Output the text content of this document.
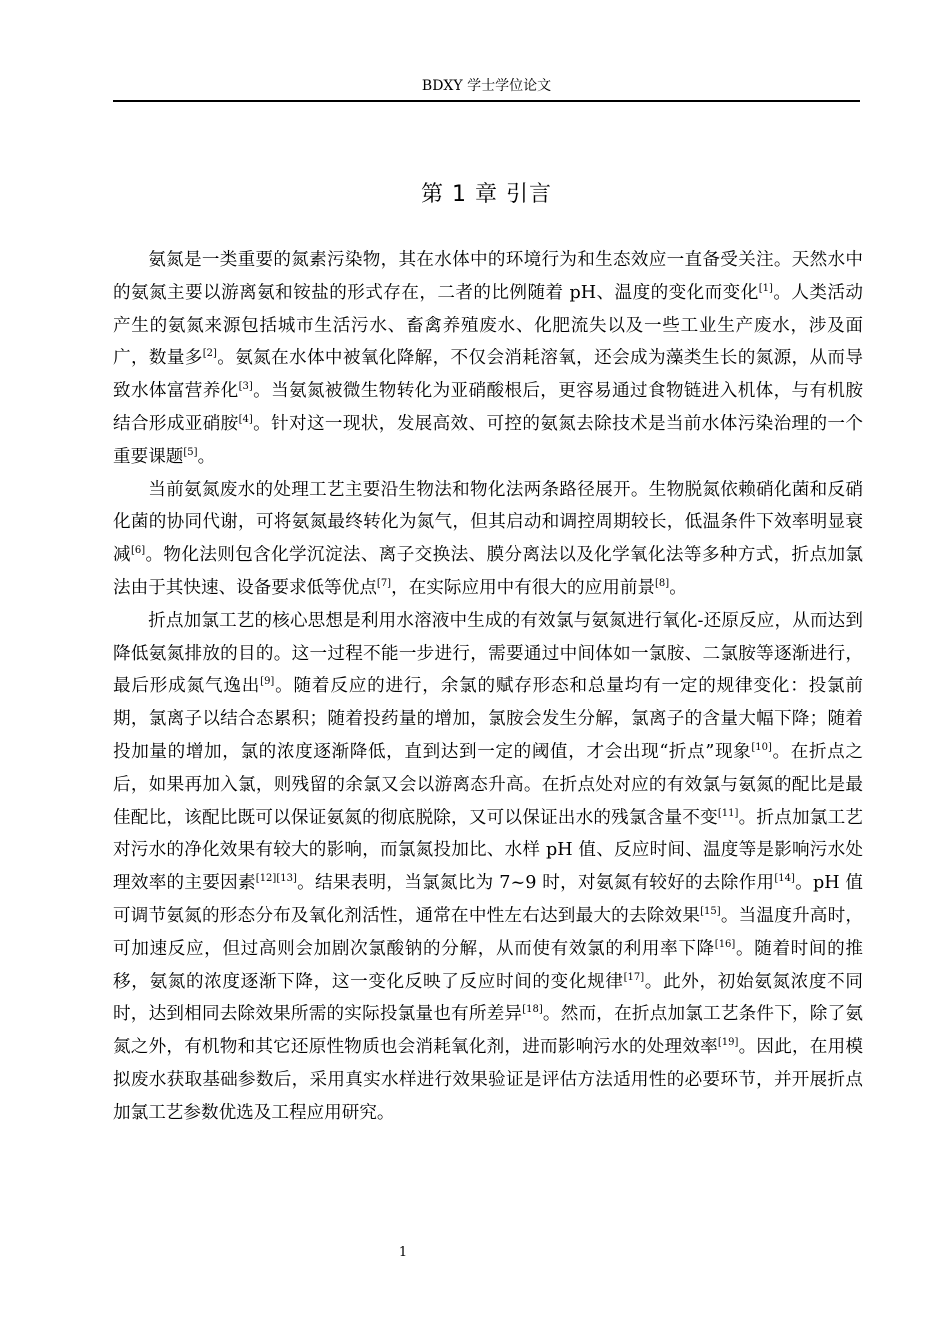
BDXY 学士学位论文
第 1 章 引言

氨氮是一类重要的氮素污染物，其在水体中的环境行为和生态效应一直备受关注。天然水中的氨氮主要以游离氨和铵盐的形式存在，二者的比例随着 pH、温度的变化而变化[1]。人类活动产生的氨氮来源包括城市生活污水、畜禽养殖废水、化肥流失以及一些工业生产废水，涉及面广，数量多[2]。氨氮在水体中被氧化降解，不仅会消耗溶氧，还会成为藻类生长的氮源，从而导致水体富营养化[3]。当氨氮被微生物转化为亚硝酸根后，更容易通过食物链进入机体，与有机胺结合形成亚硝胺[4]。针对这一现状，发展高效、可控的氨氮去除技术是当前水体污染治理的一个重要课题[5]。

当前氨氮废水的处理工艺主要沿生物法和物化法两条路径展开。生物脱氮依赖硝化菌和反硝化菌的协同代谢，可将氨氮最终转化为氮气，但其启动和调控周期较长，低温条件下效率明显衰减[6]。物化法则包含化学沉淀法、离子交换法、膜分离法以及化学氧化法等多种方式，折点加氯法由于其快速、设备要求低等优点[7]，在实际应用中有很大的应用前景[8]。

折点加氯工艺的核心思想是利用水溶液中生成的有效氯与氨氮进行氧化-还原反应，从而达到降低氨氮排放的目的。这一过程不能一步进行，需要通过中间体如一氯胺、二氯胺等逐渐进行，最后形成氮气逸出[9]。随着反应的进行，余氯的赋存形态和总量均有一定的规律变化：投氯前期，氯离子以结合态累积；随着投药量的增加，氯胺会发生分解，氯离子的含量大幅下降；随着投加量的增加，氯的浓度逐渐降低，直到达到一定的阈值，才会出现“折点”现象[10]。在折点之后，如果再加入氯，则残留的余氯又会以游离态升高。在折点处对应的有效氯与氨氮的配比是最佳配比，该配比既可以保证氨氮的彻底脱除，又可以保证出水的残氯含量不变[11]。折点加氯工艺对污水的净化效果有较大的影响，而氯氮投加比、水样 pH 值、反应时间、温度等是影响污水处理效率的主要因素[12][13]。结果表明，当氯氮比为 7~9 时，对氨氮有较好的去除作用[14]。pH 值可调节氨氮的形态分布及氧化剂活性，通常在中性左右达到最大的去除效果[15]。当温度升高时，可加速反应，但过高则会加剧次氯酸钠的分解，从而使有效氯的利用率下降[16]。随着时间的推移，氨氮的浓度逐渐下降，这一变化反映了反应时间的变化规律[17]。此外，初始氨氮浓度不同时，达到相同去除效果所需的实际投氯量也有所差异[18]。然而，在折点加氯工艺条件下，除了氨氮之外，有机物和其它还原性物质也会消耗氧化剂，进而影响污水的处理效率[19]。因此，在用模拟废水获取基础参数后，采用真实水样进行效果验证是评估方法适用性的必要环节，并开展折点加氯工艺参数优选及工程应用研究。

1
